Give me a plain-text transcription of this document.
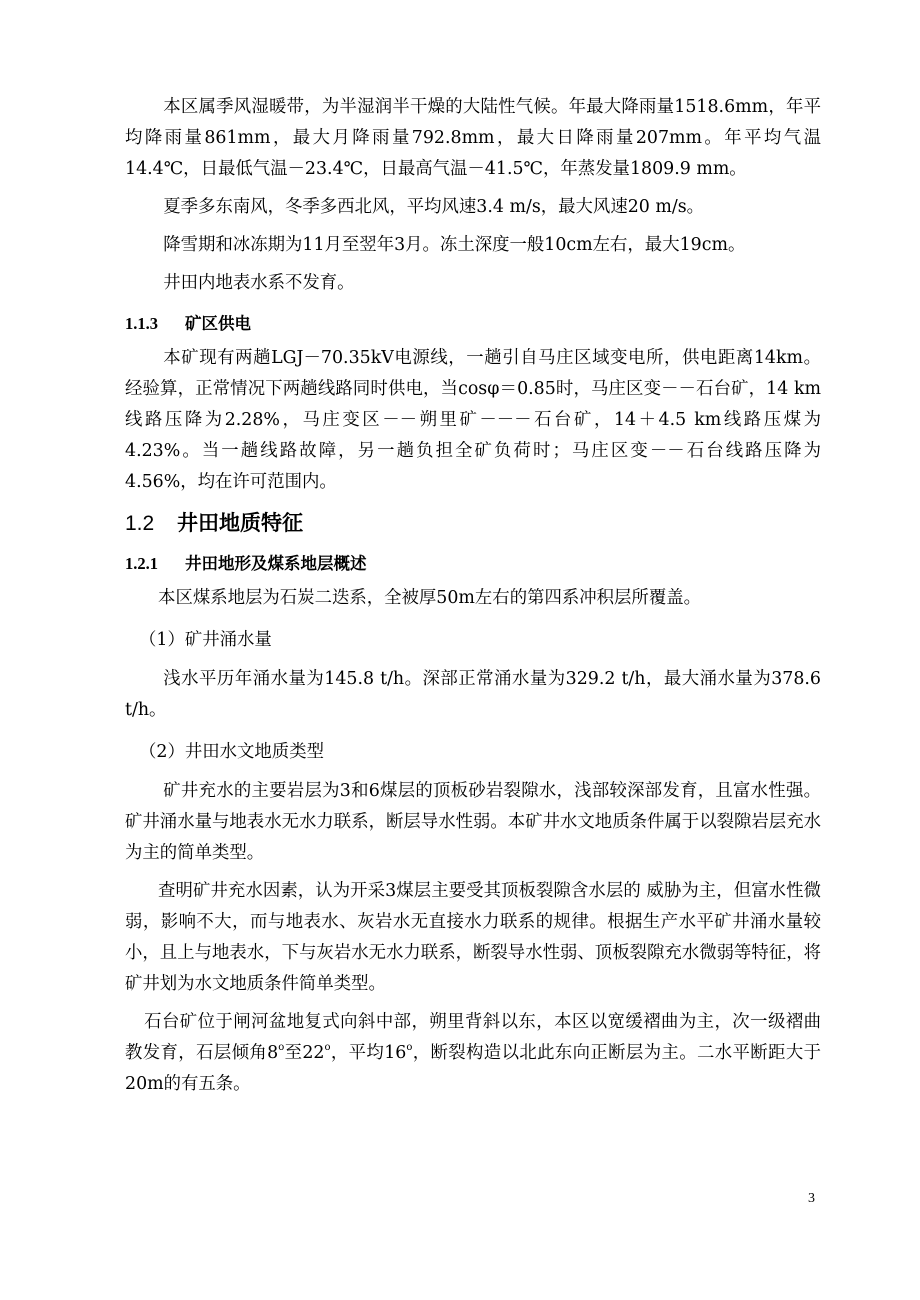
本区属季风湿暖带，为半湿润半干燥的大陆性气候。年最大降雨量1518.6mm，年平均降雨量861mm，最大月降雨量792.8mm，最大日降雨量207mm。年平均气温14.4℃，日最低气温－23.4℃，日最高气温－41.5℃，年蒸发量1809.9 mm。

夏季多东南风，冬季多西北风，平均风速3.4 m/s，最大风速20 m/s。

降雪期和冰冻期为11月至翌年3月。冻土深度一般10cm左右，最大19cm。

井田内地表水系不发育。

1.1.3 矿区供电

本矿现有两趟LGJ－70.35kV电源线，一趟引自马庄区域变电所，供电距离14km。经验算，正常情况下两趟线路同时供电，当cosφ＝0.85时，马庄区变－－石台矿，14 km线路压降为2.28%，马庄变区－－朔里矿－－－石台矿，14＋4.5 km线路压煤为4.23%。当一趟线路故障，另一趟负担全矿负荷时；马庄区变－－石台线路压降为4.56%，均在许可范围内。

1.2 井田地质特征
1.2.1 井田地形及煤系地层概述

本区煤系地层为石炭二迭系，全被厚50m左右的第四系冲积层所覆盖。

（1）矿井涌水量

浅水平历年涌水量为145.8 t/h。深部正常涌水量为329.2 t/h，最大涌水量为378.6 t/h。

（2）井田水文地质类型

矿井充水的主要岩层为3和6煤层的顶板砂岩裂隙水，浅部较深部发育，且富水性强。矿井涌水量与地表水无水力联系，断层导水性弱。本矿井水文地质条件属于以裂隙岩层充水为主的简单类型。

查明矿井充水因素，认为开采3煤层主要受其顶板裂隙含水层的 威胁为主，但富水性微弱，影响不大，而与地表水、灰岩水无直接水力联系的规律。根据生产水平矿井涌水量较小，且上与地表水，下与灰岩水无水力联系，断裂导水性弱、顶板裂隙充水微弱等特征，将矿井划为水文地质条件简单类型。

石台矿位于闸河盆地复式向斜中部，朔里背斜以东，本区以宽缓褶曲为主，次一级褶曲教发育，石层倾角8$^o$至22$^o$，平均16$^o$，断裂构造以北此东向正断层为主。二水平断距大于20m的有五条。

3
